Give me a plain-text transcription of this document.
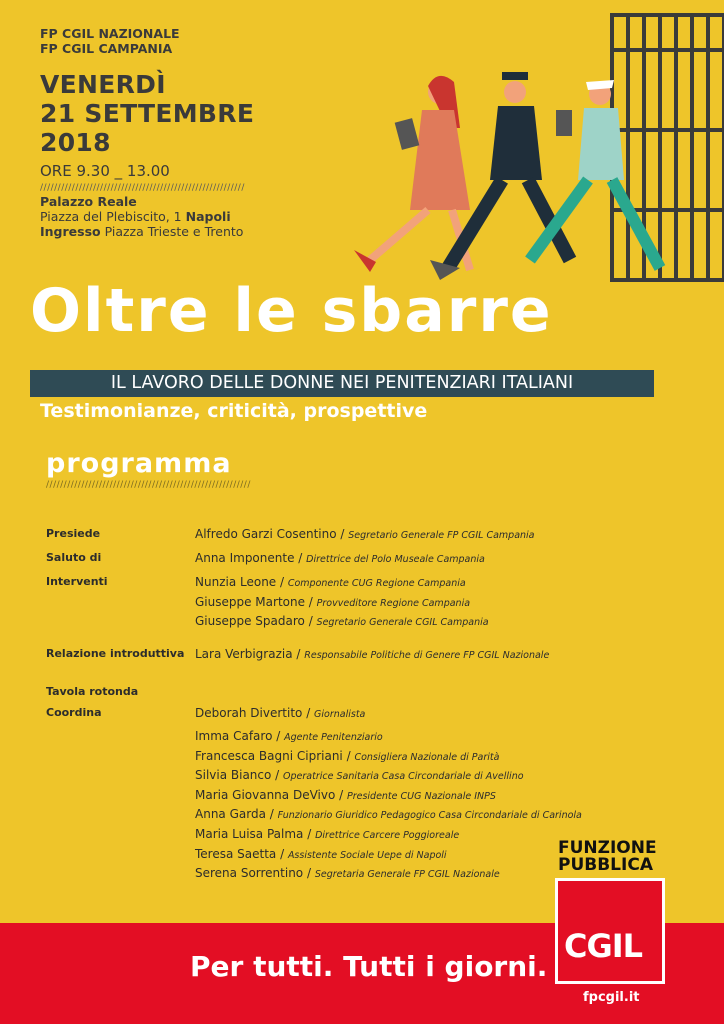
FP CGIL NAZIONALE
FP CGIL CAMPANIA
VENERDÌ
21 SETTEMBRE
2018
ORE 9.30 _ 13.00
//////////////////////////////////////////////////////////
Palazzo Reale
Piazza del Plebiscito, 1 Napoli
Ingresso Piazza Trieste e Trento
Oltre le sbarre
IL LAVORO DELLE DONNE NEI PENITENZIARI ITALIANI
Testimonianze, criticità, prospettive
programma
//////////////////////////////////////////////////////////
Presiede	Alfredo Garzi Cosentino / Segretario Generale FP CGIL Campania
Saluto di	Anna Imponente / Direttrice del Polo Museale Campania
Interventi	Nunzia Leone / Componente CUG Regione Campania
Giuseppe Martone / Provveditore Regione Campania
Giuseppe Spadaro / Segretario Generale CGIL Campania
Relazione introduttiva Lara Verbigrazia / Responsabile Politiche di Genere FP CGIL Nazionale
Tavola rotonda
Coordina	Deborah Divertito / Giornalista
Imma Cafaro / Agente Penitenziario
Francesca Bagni Cipriani / Consigliera Nazionale di Parità
Silvia Bianco / Operatrice Sanitaria Casa Circondariale di Avellino
Maria Giovanna DeVivo / Presidente CUG Nazionale INPS
Anna Garda / Funzionario Giuridico Pedagogico Casa Circondariale di Carinola
Maria Luisa Palma / Direttrice Carcere Poggioreale
Teresa Saetta / Assistente Sociale Uepe di Napoli
Serena Sorrentino / Segretaria Generale FP CGIL Nazionale
Per tutti. Tutti i giorni.
FUNZIONE
PUBBLICA
CGIL
fpcgil.it
